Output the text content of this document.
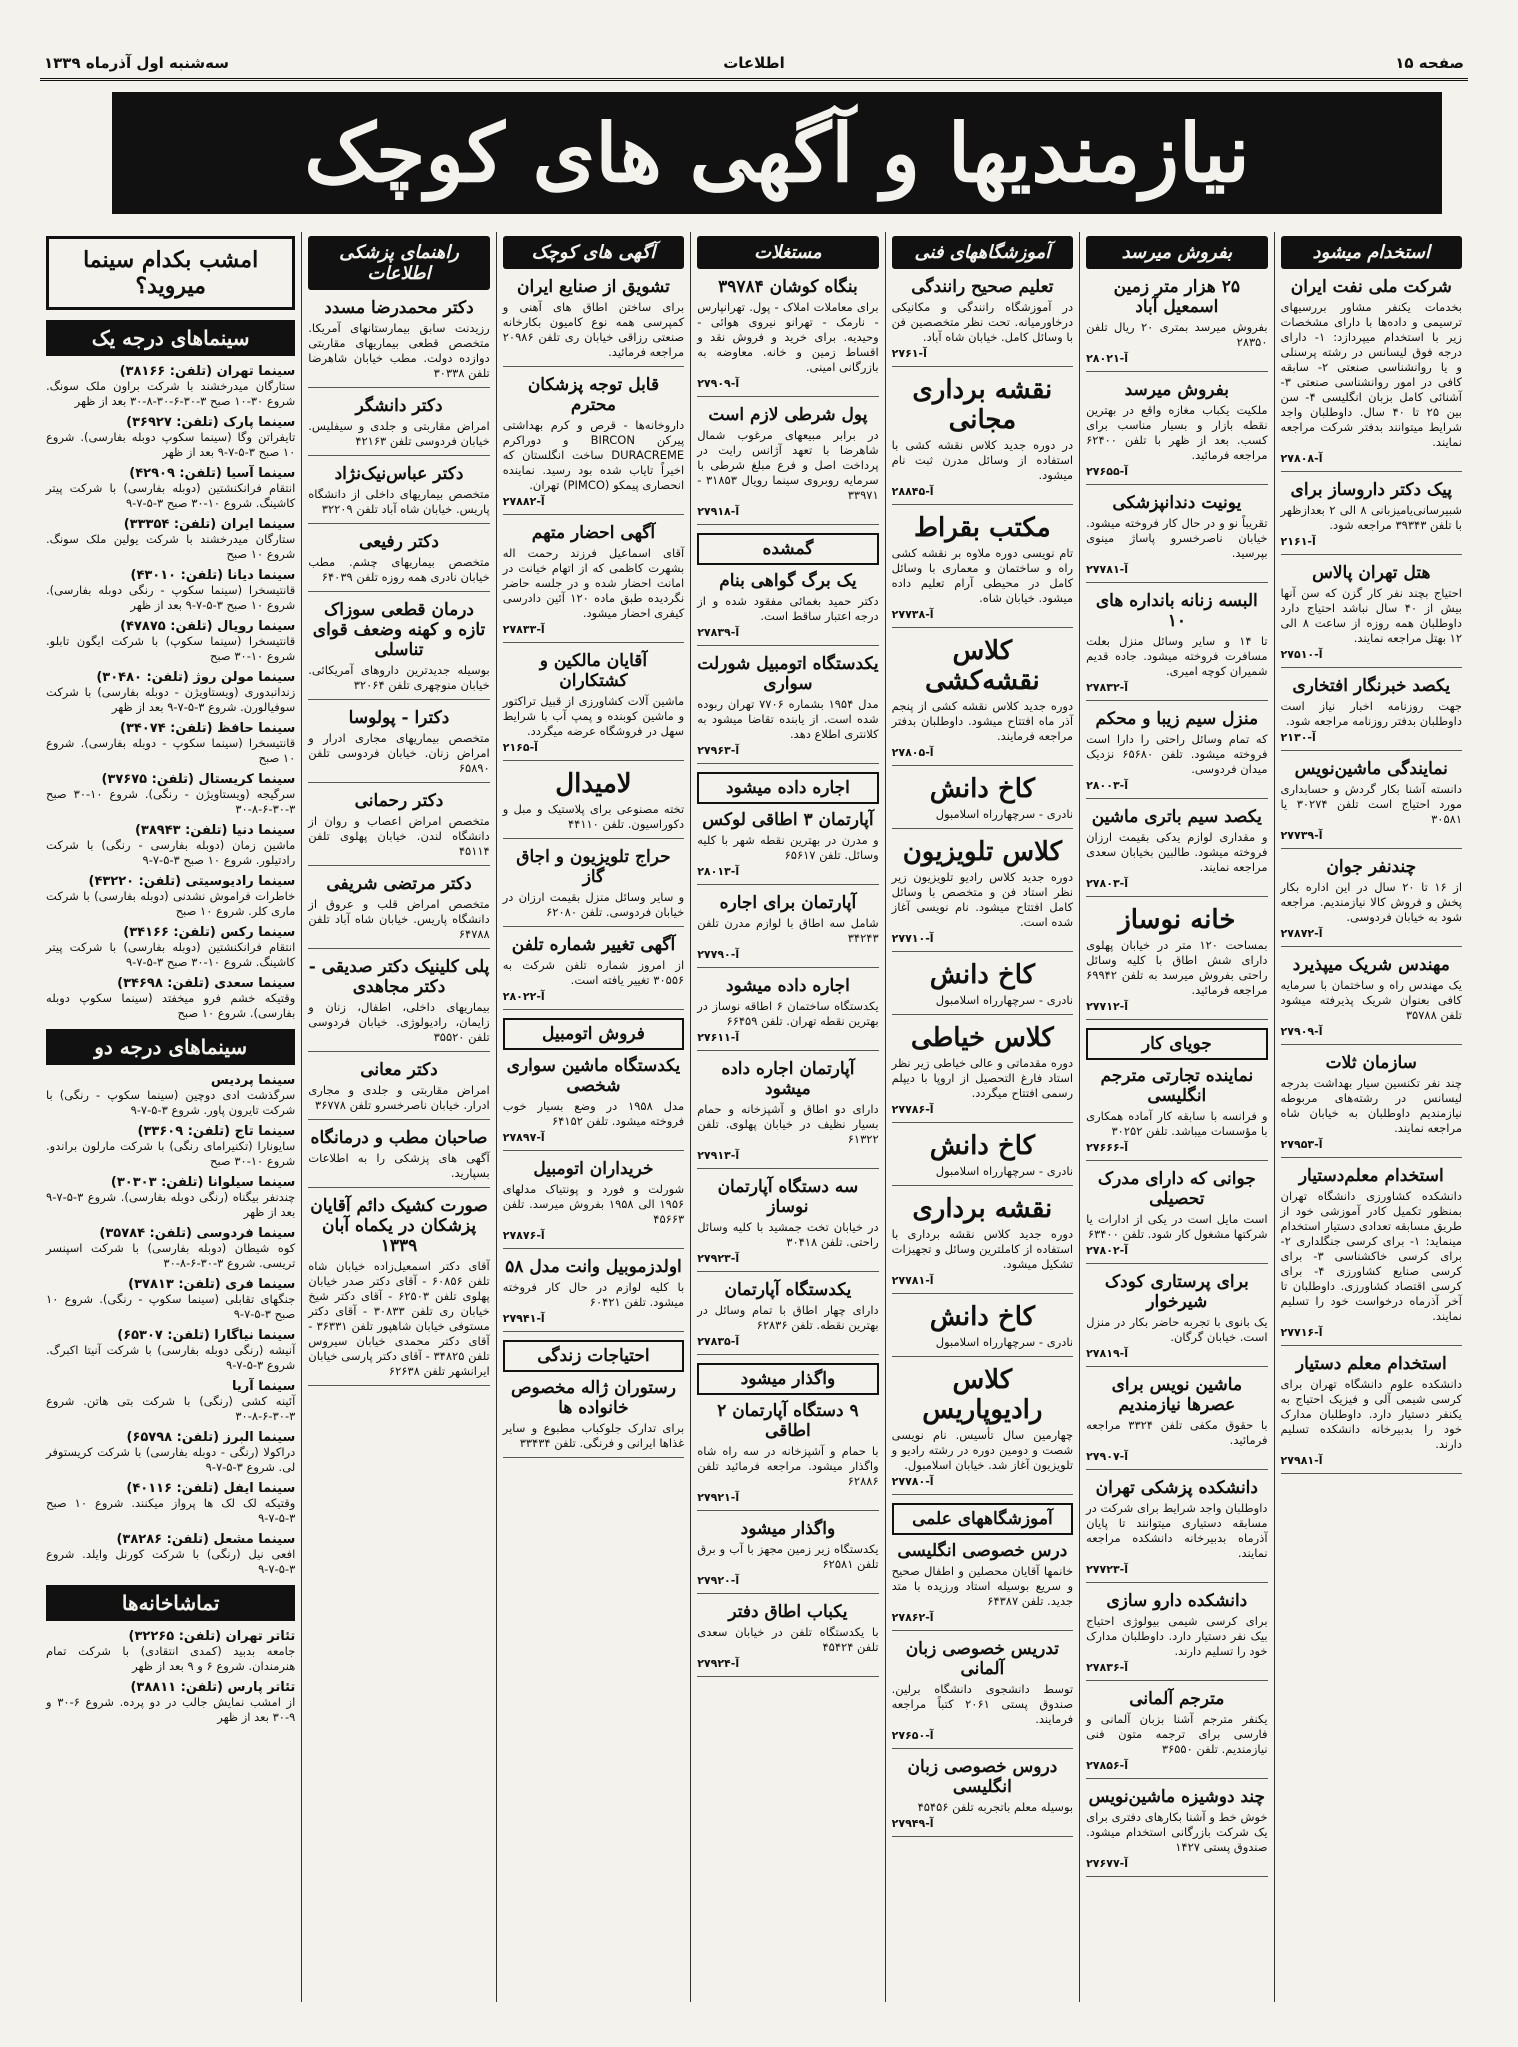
صفحه ۱۵
اطلاعات
سه‌شنبه اول آذرماه ۱۳۳۹
نیازمندیها و آگهی های کوچک
استخدام میشود
شرکت ملی نفت ایران

بخدمات یکنفر مشاور بررسیهای ترسیمی و داده‌ها با دارای مشخصات زیر با استخدام میپردازد: ۱- دارای درجه فوق لیسانس در رشته پرسنلی و یا روانشناسی صنعتی ۲- سابقه کافی در امور روانشناسی صنعتی ۳- آشنائی کامل بزبان انگلیسی ۴- سن بین ۲۵ تا ۴۰ سال. داوطلبان واجد شرایط میتوانند بدفتر شرکت مراجعه نمایند.

آ-۲۷۸۰۸
پیک دکتر داروساز برای

شبیرسانی‌یامیزبانی ۸ الی ۲ بعدازظهر با تلفن ۳۹۳۴۳ مراجعه شود.

آ-۲۱۶۱
هتل تهران پالاس

احتیاج بچند نفر کار گزن که سن آنها بیش از ۴۰ سال نباشد احتیاج دارد داوطلبان همه روزه از ساعت ۸ الی ۱۲ بهتل مراجعه نمایند.

آ-۲۷۵۱۰
یکصد خبرنگار افتخاری

جهت روزنامه اخبار نیاز است داوطلبان بدفتر روزنامه مراجعه شود.

آ-۲۱۳۰
نمایندگی ماشین‌نویس

دانسته آشنا بکار گردش و حسابداری مورد احتیاج است تلفن ۳۰۲۷۴ یا ۳۰۵۸۱

آ-۲۷۷۳۹
چندنفر جوان

از ۱۶ تا ۲۰ سال در این اداره بکار پخش و فروش کالا نیازمندیم. مراجعه شود به خیابان فردوسی.

آ-۲۷۸۷۲
مهندس شریک میپذیرد

یک مهندس راه و ساختمان با سرمایه کافی بعنوان شریک پذیرفته میشود تلفن ۳۵۷۸۸

آ-۲۷۹۰۹
سازمان ثلات

چند نفر تکنسین سیار بهداشت بدرجه لیسانس در رشته‌های مربوطه نیازمندیم داوطلبان به خیابان شاه مراجعه نمایند.

آ-۲۷۹۵۳
استخدام معلم‌دستیار

دانشکده کشاورزی دانشگاه تهران بمنظور تکمیل کادر آموزشی خود از طریق مسابقه تعدادی دستیار استخدام مینماید: ۱- برای کرسی جنگلداری ۲- برای کرسی خاکشناسی ۳- برای کرسی صنایع کشاورزی ۴- برای کرسی اقتصاد کشاورزی. داوطلبان تا آخر آذرماه درخواست خود را تسلیم نمایند.

آ-۲۷۷۱۶
استخدام معلم دستیار

دانشکده علوم دانشگاه تهران برای کرسی شیمی آلی و فیزیک احتیاج به یکنفر دستیار دارد. داوطلبان مدارک خود را بدبیرخانه دانشکده تسلیم دارند.

آ-۲۷۹۸۱
بفروش میرسد
۲۵ هزار متر زمین اسمعیل آباد

بفروش میرسد بمتری ۲۰ ریال تلفن ۲۸۳۵۰

آ-۲۸۰۲۱
بفروش میرسد

ملکیت یکباب مغازه واقع در بهترین نقطه بازار و بسیار مناسب برای کسب. بعد از ظهر با تلفن ۶۲۴۰۰ مراجعه فرمائید.

آ-۲۷۶۵۵
یونیت دندانپزشکی

تقریباً نو و در حال کار فروخته میشود. خیابان ناصرخسرو پاساژ مینوی بپرسید.

آ-۲۷۷۸۱
البسه زنانه بانداره های ۱۰

تا ۱۴ و سایر وسائل منزل بعلت مسافرت فروخته میشود. جاده قدیم شمیران کوچه امیری.

آ-۲۷۸۳۲
منزل سیم زیبا و محکم

که تمام وسائل راحتی را دارا است فروخته میشود. تلفن ۶۵۶۸۰ نزدیک میدان فردوسی.

آ-۲۸۰۰۳
یکصد سیم باتری ماشین

و مقداری لوازم یدکی بقیمت ارزان فروخته میشود. طالبین بخیابان سعدی مراجعه نمایند.

آ-۲۷۸۰۳
خانه نوساز

بمساحت ۱۲۰ متر در خیابان پهلوی دارای شش اطاق با کلیه وسائل راحتی بفروش میرسد به تلفن ۶۹۹۴۲ مراجعه فرمائید.

آ-۲۷۷۱۲
جویای کار
نماینده تجارتی مترجم انگلیسی

و فرانسه با سابقه کار آماده همکاری با مؤسسات میباشد. تلفن ۳۰۲۵۲

آ-۲۷۶۶۶
جوانی که دارای مدرک تحصیلی

است مایل است در یکی از ادارات یا شرکتها مشغول کار شود. تلفن ۶۳۴۰۰

آ-۲۷۸۰۲
برای پرستاری کودک شیرخوار

یک بانوی با تجربه حاضر بکار در منزل است. خیابان گرگان.

آ-۲۷۸۱۹
ماشین نویس برای عصرها نیازمندیم

با حقوق مکفی تلفن ۳۳۲۴ مراجعه فرمائید.

آ-۲۷۹۰۷
دانشکده پزشکی تهران

داوطلبان واجد شرایط برای شرکت در مسابقه دستیاری میتوانند تا پایان آذرماه بدبیرخانه دانشکده مراجعه نمایند.

آ-۲۷۷۲۳
دانشکده دارو سازی

برای کرسی شیمی بیولوژی احتیاج بیک نفر دستیار دارد. داوطلبان مدارک خود را تسلیم دارند.

آ-۲۷۸۳۶
مترجم آلمانی

یکنفر مترجم آشنا بزبان آلمانی و فارسی برای ترجمه متون فنی نیازمندیم. تلفن ۳۶۵۵۰

آ-۲۷۸۵۶
چند دوشیزه ماشین‌نویس

خوش خط و آشنا بکارهای دفتری برای یک شرکت بازرگانی استخدام میشود. صندوق پستی ۱۴۲۷

آ-۲۷۶۷۷
آموزشگاههای فنی
تعلیم صحیح رانندگی

در آموزشگاه رانندگی و مکانیکی درخاورمیانه. تحت نظر متخصصین فن با وسائل کامل. خیابان شاه آباد.

آ-۲۷۶۱
نقشه برداری مجانی

در دوره جدید کلاس نقشه کشی با استفاده از وسائل مدرن ثبت نام میشود.

آ-۲۸۸۴۵
مکتب بقراط

تام نویسی دوره ملاوه بر نقشه کشی راه و ساختمان و معماری با وسائل کامل در محیطی آرام تعلیم داده میشود. خیابان شاه.

آ-۲۷۷۳۸
کلاس نقشه‌کشی

دوره جدید کلاس نقشه کشی از پنجم آذر ماه افتتاح میشود. داوطلبان بدفتر مراجعه فرمایند.

آ-۲۷۸۰۵
کاخ دانش

نادری - سرچهارراه اسلامبول

کلاس تلویزیون

دوره جدید کلاس رادیو تلویزیون زیر نظر استاد فن و متخصص با وسائل کامل افتتاح میشود. نام نویسی آغاز شده است.

آ-۲۷۷۱۰
کاخ دانش

نادری - سرچهارراه اسلامبول

کلاس خیاطی

دوره مقدماتی و عالی خیاطی زیر نظر استاد فارغ التحصیل از اروپا با دیپلم رسمی افتتاح میگردد.

آ-۲۷۷۸۶
کاخ دانش

نادری - سرچهارراه اسلامبول

نقشه برداری

دوره جدید کلاس نقشه برداری با استفاده از کاملترین وسائل و تجهیزات تشکیل میشود.

آ-۲۷۷۸۱
کاخ دانش

نادری - سرچهارراه اسلامبول

کلاس رادیوپاریس

چهارمین سال تأسیس. نام نویسی شصت و دومین دوره در رشته رادیو و تلویزیون آغاز شد. خیابان اسلامبول.

آ-۲۷۷۸۰
آموزشگاههای علمی
درس خصوصی انگلیسی

خانمها آقایان محصلین و اطفال صحیح و سریع بوسیله استاد ورزیده با متد جدید. تلفن ۶۴۳۸۷

آ-۲۷۸۶۲
تدریس خصوصی زبان آلمانی

توسط دانشجوی دانشگاه برلین. صندوق پستی ۲۰۶۱ کتباً مراجعه فرمایند.

آ-۲۷۶۵۰
دروس خصوصی زبان انگلیسی

بوسیله معلم باتجربه تلفن ۴۵۴۵۶

آ-۲۷۹۴۹
مستغلات
بنگاه کوشان ۳۹۷۸۴

برای معاملات املاک - پول. تهرانپارس - نارمک - تهرانو نیروی هوائی - وحیدیه. برای خرید و فروش نقد و اقساط زمین و خانه. معاوضه به بازرگانی امینی.

آ-۲۷۹۰۹
پول شرطی لازم است

در برابر مبیعهای مرغوب شمال شاهرضا با تعهد آژانس رایت در پرداخت اصل و فرع مبلغ شرطی با سرمایه روبروی سینما رویال ۳۱۸۵۳ - ۳۳۹۷۱

آ-۲۷۹۱۸
گمشده
یک برگ گواهی بنام

دکتر حمید بغمائی مفقود شده و از درجه اعتبار ساقط است.

آ-۲۷۸۳۹
یکدستگاه اتومبیل شورلت سواری

مدل ۱۹۵۴ بشماره ۷۷۰۶ تهران ربوده شده است. از یابنده تقاضا میشود به کلانتری اطلاع دهد.

آ-۲۷۹۶۳
اجاره داده میشود
آپارتمان ۳ اطاقی لوکس

و مدرن در بهترین نقطه شهر با کلیه وسائل. تلفن ۶۵۶۱۷

آ-۲۸۰۱۳
آپارتمان برای اجاره

شامل سه اطاق با لوازم مدرن تلفن ۳۴۲۴۳

آ-۲۷۷۹۰
اجاره داده میشود

یکدستگاه ساختمان ۶ اطاقه نوساز در بهترین نقطه تهران. تلفن ۶۶۴۵۹

آ-۲۷۶۱۱
آپارتمان اجاره داده میشود

دارای دو اطاق و آشپزخانه و حمام بسیار نظیف در خیابان پهلوی. تلفن ۶۱۳۲۲

آ-۲۷۹۱۳
سه دستگاه آپارتمان نوساز

در خیابان تخت جمشید با کلیه وسائل راحتی. تلفن ۳۰۴۱۸

آ-۲۷۹۲۳
یکدستگاه آپارتمان

دارای چهار اطاق با تمام وسائل در بهترین نقطه. تلفن ۶۲۸۳۶

آ-۲۷۸۳۵
واگذار میشود
۹ دستگاه آپارتمان ۲ اطاقی

با حمام و آشپزخانه در سه راه شاه واگذار میشود. مراجعه فرمائید تلفن ۶۲۸۸۶

آ-۲۷۹۲۱
واگذار میشود

یکدستگاه زیر زمین مجهز با آب و برق تلفن ۶۲۵۸۱

آ-۲۷۹۲۰
یکباب اطاق دفتر

با یکدستگاه تلفن در خیابان سعدی تلفن ۴۵۴۲۴

آ-۲۷۹۲۴
آگهی های کوچک
تشویق از صنایع ایران

برای ساختن اطاق های آهنی و کمپرسی همه نوع کامیون بکارخانه صنعتی رزاقی خیابان ری تلفن ۲۰۹۸۶ مراجعه فرمائید.

قابل توجه پزشکان محترم

داروخانه‌ها - قرص و کرم بهداشتی پیرکن BIRCON و دوراکرم DURACREME ساخت انگلستان که اخیراً تایاب شده بود رسید. نماینده انحصاری پیمکو (PIMCO) تهران.

آ-۲۷۸۸۲
آگهی احضار متهم

آقای اسماعیل فرزند رحمت اله بشهرت کاظمی که از اتهام خیانت در امانت احضار شده و در جلسه حاضر نگردیده طبق ماده ۱۲۰ آئین دادرسی کیفری احضار میشود.

آ-۲۷۸۳۳
آقایان مالکین و کشتکاران

ماشین آلات کشاورزی از قبیل تراکتور و ماشین کوبنده و پمپ آب با شرایط سهل در فروشگاه عرضه میگردد.

آ-۲۱۶۵
لامیدال

تخته مصنوعی برای پلاستیک و مبل و دکوراسیون. تلفن ۴۴۱۱۰

حراج تلویزیون و اجاق گاز

و سایر وسائل منزل بقیمت ارزان در خیابان فردوسی. تلفن ۶۲۰۸۰

آگهی تغییر شماره تلفن

از امروز شماره تلفن شرکت به ۳۰۵۵۶ تغییر یافته است.

آ-۲۸۰۲۲
فروش اتومبیل
یکدستگاه ماشین سواری شخصی

مدل ۱۹۵۸ در وضع بسیار خوب فروخته میشود. تلفن ۶۴۱۵۲

آ-۲۷۸۹۷
خریداران اتومبیل

شورلت و فورد و پونتیاک مدلهای ۱۹۵۶ الی ۱۹۵۸ بفروش میرسد. تلفن ۴۵۶۶۳

آ-۲۷۸۷۶
اولدزموبیل وانت مدل ۵۸

با کلیه لوازم در حال کار فروخته میشود. تلفن ۶۰۴۲۱

آ-۲۷۹۴۱
احتیاجات زندگی
رستوران ژاله مخصوص خانواده ها

برای تدارک جلوکباب مطبوع و سایر غذاها ایرانی و فرنگی. تلفن ۳۳۴۳۴

راهنمای پزشکی اطلاعات
دکتر محمدرضا مسدد

رزیدنت سابق بیمارستانهای آمریکا. متخصص قطعی بیماریهای مقاربتی دوازده دولت. مطب خیابان شاهرضا تلفن ۳۰۳۳۸

دکتر دانشگر

امراض مقاربتی و جلدی و سیفلیس. خیابان فردوسی تلفن ۴۲۱۶۳

دکتر عباس‌نیک‌نژاد

متخصص بیماریهای داخلی از دانشگاه پاریس. خیابان شاه آباد تلفن ۳۲۲۰۹

دکتر رفیعی

متخصص بیماریهای چشم. مطب خیابان نادری همه روزه تلفن ۶۴۰۳۹

درمان قطعی سوزاک تازه و کهنه وضعف قوای تناسلی

بوسیله جدیدترین داروهای آمریکائی. خیابان منوچهری تلفن ۳۲۰۶۴

دکترا - پولوسا

متخصص بیماریهای مجاری ادرار و امراض زنان. خیابان فردوسی تلفن ۶۵۸۹۰

دکتر رحمانی

متخصص امراض اعصاب و روان از دانشگاه لندن. خیابان پهلوی تلفن ۴۵۱۱۴

دکتر مرتضی شریفی

متخصص امراض قلب و عروق از دانشگاه پاریس. خیابان شاه آباد تلفن ۶۴۷۸۸

پلی کلینیک دکتر صدیقی - دکتر مجاهدی

بیماریهای داخلی، اطفال، زنان و زایمان، رادیولوژی. خیابان فردوسی تلفن ۳۵۵۲۰

دکتر معانی

امراض مقاربتی و جلدی و مجاری ادرار. خیابان ناصرخسرو تلفن ۳۶۷۷۸

صاحبان مطب و درمانگاه

آگهی های پزشکی را به اطلاعات بسپارید.

صورت کشیک دائم آقایان پزشکان در یکماه آبان ۱۳۳۹

آقای دکتر اسمعیل‌زاده خیابان شاه تلفن ۶۰۸۵۶ - آقای دکتر صدر خیابان پهلوی تلفن ۶۲۵۰۳ - آقای دکتر شیخ خیابان ری تلفن ۳۰۸۳۳ - آقای دکتر مستوفی خیابان شاهپور تلفن ۳۶۳۳۱ - آقای دکتر محمدی خیابان سیروس تلفن ۳۴۸۲۵ - آقای دکتر پارسی خیابان ایرانشهر تلفن ۶۲۶۳۸

امشب بکدام سینما میروید؟
سینماهای درجه یک
سینما تهران (تلفن: ۳۸۱۶۶)
ستارگان میدرخشند با شرکت براون ملک سونگ. شروع ۳۰-۱۰ صبح ۳-۳۰-۶-۳۰-۸-۳۰ بعد از ظهر
سینما پارک (تلفن: ۳۶۹۲۷)
تایفراتن وگا (سینما سکوپ دوبله بفارسی). شروع ۱۰ صبح ۳-۵-۷-۹ بعد از ظهر
سینما آسیا (تلفن: ۴۲۹۰۹)
انتقام فرانکنشتین (دوبله بفارسی) با شرکت پیتر کاشینگ. شروع ۱۰-۳۰ صبح ۳-۵-۷-۹
سینما ایران (تلفن: ۳۳۳۵۴)
ستارگان میدرخشند با شرکت یولین ملک سونگ. شروع ۱۰ صبح
سینما دیانا (تلفن: ۴۳۰۱۰)
قانتیسخرا (سینما سکوپ - رنگی دوبله بفارسی). شروع ۱۰ صبح ۳-۵-۷-۹ بعد از ظهر
سینما رویال (تلفن: ۴۷۸۷۵)
قانتیسخرا (سینما سکوپ) با شرکت ایگون تابلو. شروع ۱۰-۳۰ صبح
سینما مولن روژ (تلفن: ۳۰۴۸۰)
زندانبدوری (ویستاویژن - دوبله بفارسی) با شرکت سوفیالورن. شروع ۳-۵-۷-۹ بعد از ظهر
سینما حافظ (تلفن: ۳۴۰۷۴)
قانتیسخرا (سینما سکوپ - دوبله بفارسی). شروع ۱۰ صبح
سینما کریستال (تلفن: ۳۷۶۷۵)
سرگیجه (ویستاویژن - رنگی). شروع ۱۰-۳۰ صبح ۳-۳۰-۶-۸-۳۰
سینما دنیا (تلفن: ۳۸۹۴۳)
ماشین زمان (دوبله بفارسی - رنگی) با شرکت رادتیلور. شروع ۱۰ صبح ۳-۵-۷-۹
سینما رادیوسیتی (تلفن: ۴۳۲۲۰)
خاطرات فراموش نشدنی (دوبله بفارسی) با شرکت ماری کلر. شروع ۱۰ صبح
سینما رکس (تلفن: ۳۴۱۶۶)
انتقام فرانکنشتین (دوبله بفارسی) با شرکت پیتر کاشینگ. شروع ۱۰-۳۰ صبح ۳-۵-۷-۹
سینما سعدی (تلفن: ۳۴۶۹۸)
وقتیکه خشم فرو میخفتد (سینما سکوپ دوبله بفارسی). شروع ۱۰ صبح
سینماهای درجه دو
سینما پردیس
سرگذشت ادی دوچین (سینما سکوپ - رنگی) با شرکت تایرون پاور. شروع ۳-۵-۷-۹
سینما تاج (تلفن: ۳۳۶۰۹)
سایونارا (تکنیرامای رنگی) با شرکت مارلون براندو. شروع ۱۰-۳۰ صبح
سینما سیلوانا (تلفن: ۳۰۳۰۳)
چندنفر بیگناه (رنگی دوبله بفارسی). شروع ۳-۵-۷-۹ بعد از ظهر
سینما فردوسی (تلفن: ۳۵۷۸۴)
کوه شیطان (دوبله بفارسی) با شرکت اسپنسر تریسی. شروع ۳-۳۰-۶-۸-۳۰
سینما فری (تلفن: ۳۷۸۱۳)
جنگهای تقابلی (سینما سکوپ - رنگی). شروع ۱۰ صبح ۳-۵-۷-۹
سینما نیاگارا (تلفن: ۶۵۳۰۷)
آنیشه (رنگی دوبله بفارسی) با شرکت آنیتا اکبرگ. شروع ۳-۵-۷-۹
سینما آریا
آئینه کشی (رنگی) با شرکت بتی هاتن. شروع ۳-۳۰-۶-۸-۳۰
سینما البرز (تلفن: ۶۵۷۹۸)
دراکولا (رنگی - دوبله بفارسی) با شرکت کریستوفر لی. شروع ۳-۵-۷-۹
سینما ایفل (تلفن: ۴۰۱۱۶)
وقتیکه لک لک ها پرواز میکنند. شروع ۱۰ صبح ۳-۵-۷-۹
سینما مشعل (تلفن: ۳۸۲۸۶)
افعی نیل (رنگی) با شرکت کورنل وایلد. شروع ۳-۵-۷-۹
تماشاخانه‌ها
تئاتر تهران (تلفن: ۳۲۲۶۵)
جامعه بدبید (کمدی انتقادی) با شرکت تمام هنرمندان. شروع ۶ و ۹ بعد از ظهر
تئاتر پارس (تلفن: ۳۸۸۱۱)
از امشب نمایش جالب در دو پرده. شروع ۶-۳۰ و ۹-۳۰ بعد از ظهر
